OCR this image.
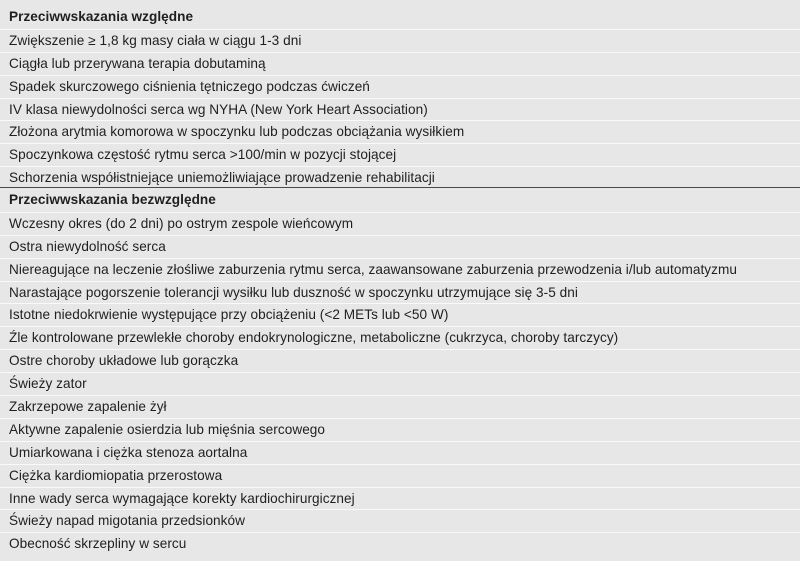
Przeciwwskazania względne
Zwiększenie ≥ 1,8 kg masy ciała w ciągu 1-3 dni
Ciągła lub przerywana terapia dobutaminą
Spadek skurczowego ciśnienia tętniczego podczas ćwiczeń
IV klasa niewydolności serca wg NYHA (New York Heart Association)
Złożona arytmia komorowa w spoczynku lub podczas obciążania wysiłkiem
Spoczynkowa częstość rytmu serca >100/min w pozycji stojącej
Schorzenia współistniejące uniemożliwiające prowadzenie rehabilitacji
Przeciwwskazania bezwzględne
Wczesny okres (do 2 dni) po ostrym zespole wieńcowym
Ostra niewydolność serca
Niereagujące na leczenie złośliwe zaburzenia rytmu serca, zaawansowane zaburzenia przewodzenia i/lub automatyzmu
Narastające pogorszenie tolerancji wysiłku lub duszność w spoczynku utrzymujące się 3-5 dni
Istotne niedokrwienie występujące przy obciążeniu (<2 METs lub <50 W)
Źle kontrolowane przewlekłe choroby endokrynologiczne, metaboliczne (cukrzyca, choroby tarczycy)
Ostre choroby układowe lub gorączka
Świeży zator
Zakrzepowe zapalenie żył
Aktywne zapalenie osierdzia lub mięśnia sercowego
Umiarkowana i ciężka stenoza aortalna
Ciężka kardiomiopatia przerostowa
Inne wady serca wymagające korekty kardiochirurgicznej
Świeży napad migotania przedsionków
Obecność skrzepliny w sercu
